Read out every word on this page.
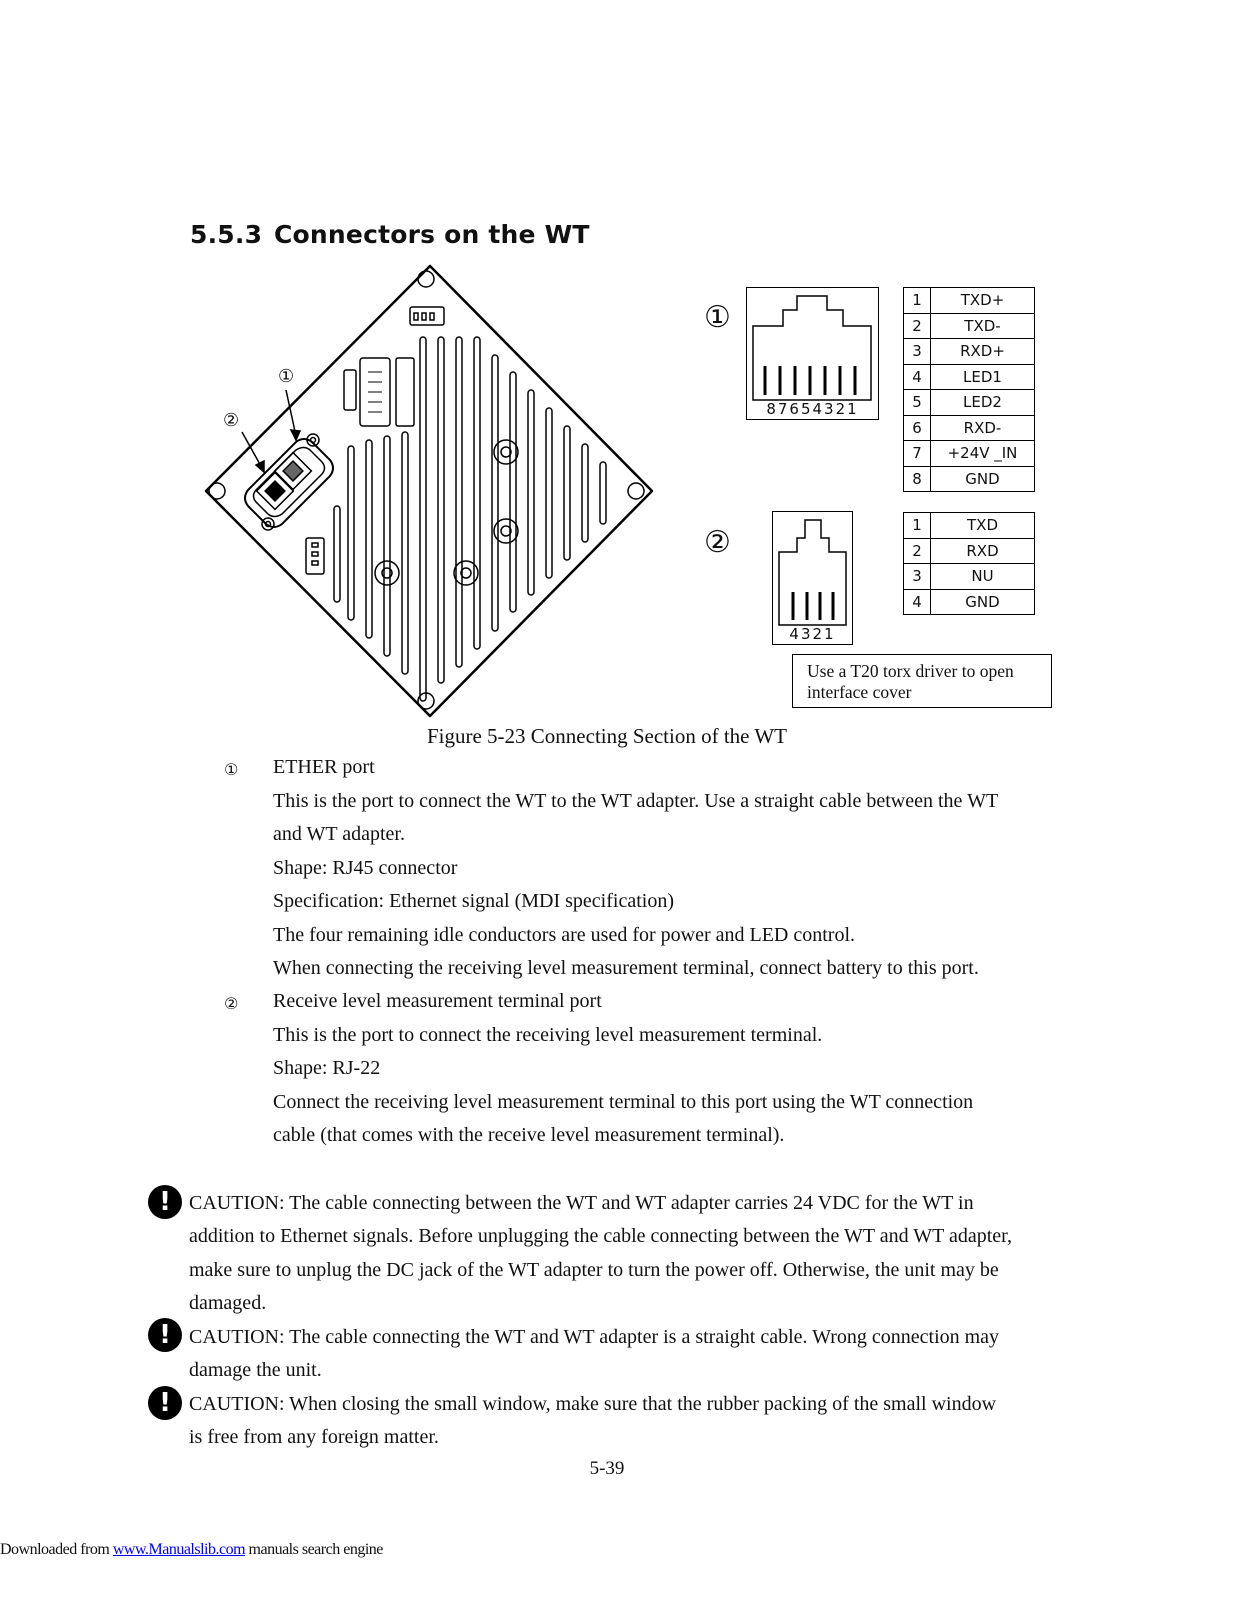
5.5.3 Connectors on the WT
①
②
①
87654321
1	TXD+
2	TXD-
3	RXD+
4	LED1
5	LED2
6	RXD-
7	+24V _IN
8	GND
②
4321
1	TXD
2	RXD
3	NU
4	GND
Use a T20 torx driver to open
interface cover
Figure 5-23 Connecting Section of the WT
① ETHER port
This is the port to connect the WT to the WT adapter. Use a straight cable between the WT
and WT adapter.
Shape: RJ45 connector
Specification: Ethernet signal (MDI specification)
The four remaining idle conductors are used for power and LED control.
When connecting the receiving level measurement terminal, connect battery to this port.
② Receive level measurement terminal port
This is the port to connect the receiving level measurement terminal.
Shape: RJ-22
Connect the receiving level measurement terminal to this port using the WT connection
cable (that comes with the receive level measurement terminal).
! CAUTION: The cable connecting between the WT and WT adapter carries 24 VDC for the WT in
addition to Ethernet signals. Before unplugging the cable connecting between the WT and WT adapter,
make sure to unplug the DC jack of the WT adapter to turn the power off. Otherwise, the unit may be
damaged.
! CAUTION: The cable connecting the WT and WT adapter is a straight cable. Wrong connection may
damage the unit.
! CAUTION: When closing the small window, make sure that the rubber packing of the small window
is free from any foreign matter.
5-39
Downloaded from www.Manualslib.com manuals search engine
